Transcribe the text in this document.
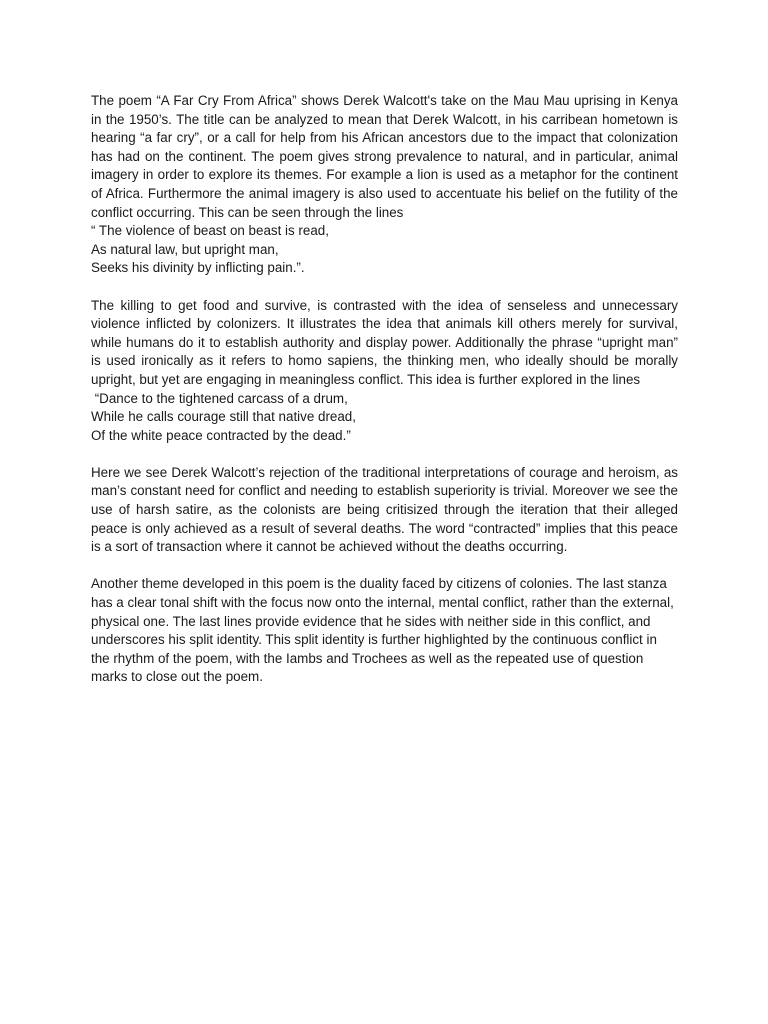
The poem “A Far Cry From Africa” shows Derek Walcott's take on the Mau Mau uprising in Kenya in the 1950’s. The title can be analyzed to mean that Derek Walcott, in his carribean hometown is hearing “a far cry”, or a call for help from his African ancestors due to the impact that colonization has had on the continent. The poem gives strong prevalence to natural, and in particular, animal imagery in order to explore its themes. For example a lion is used as a metaphor for the continent of Africa. Furthermore the animal imagery is also used to accentuate his belief on the futility of the conflict occurring. This can be seen through the lines

“ The violence of beast on beast is read,
As natural law, but upright man,
Seeks his divinity by inflicting pain.”.

The killing to get food and survive, is contrasted with the idea of senseless and unnecessary violence inflicted by colonizers. It illustrates the idea that animals kill others merely for survival, while humans do it to establish authority and display power. Additionally the phrase “upright man” is used ironically as it refers to homo sapiens, the thinking men, who ideally should be morally upright, but yet are engaging in meaningless conflict. This idea is further explored in the lines

“Dance to the tightened carcass of a drum,
While he calls courage still that native dread,
Of the white peace contracted by the dead.”

Here we see Derek Walcott’s rejection of the traditional interpretations of courage and heroism, as man’s constant need for conflict and needing to establish superiority is trivial. Moreover we see the use of harsh satire, as the colonists are being critisized through the iteration that their alleged peace is only achieved as a result of several deaths. The word “contracted” implies that this peace is a sort of transaction where it cannot be achieved without the deaths occurring.

Another theme developed in this poem is the duality faced by citizens of colonies. The last stanza has a clear tonal shift with the focus now onto the internal, mental conflict, rather than the external, physical one. The last lines provide evidence that he sides with neither side in this conflict, and underscores his split identity. This split identity is further highlighted by the continuous conflict in the rhythm of the poem, with the Iambs and Trochees as well as the repeated use of question marks to close out the poem.
